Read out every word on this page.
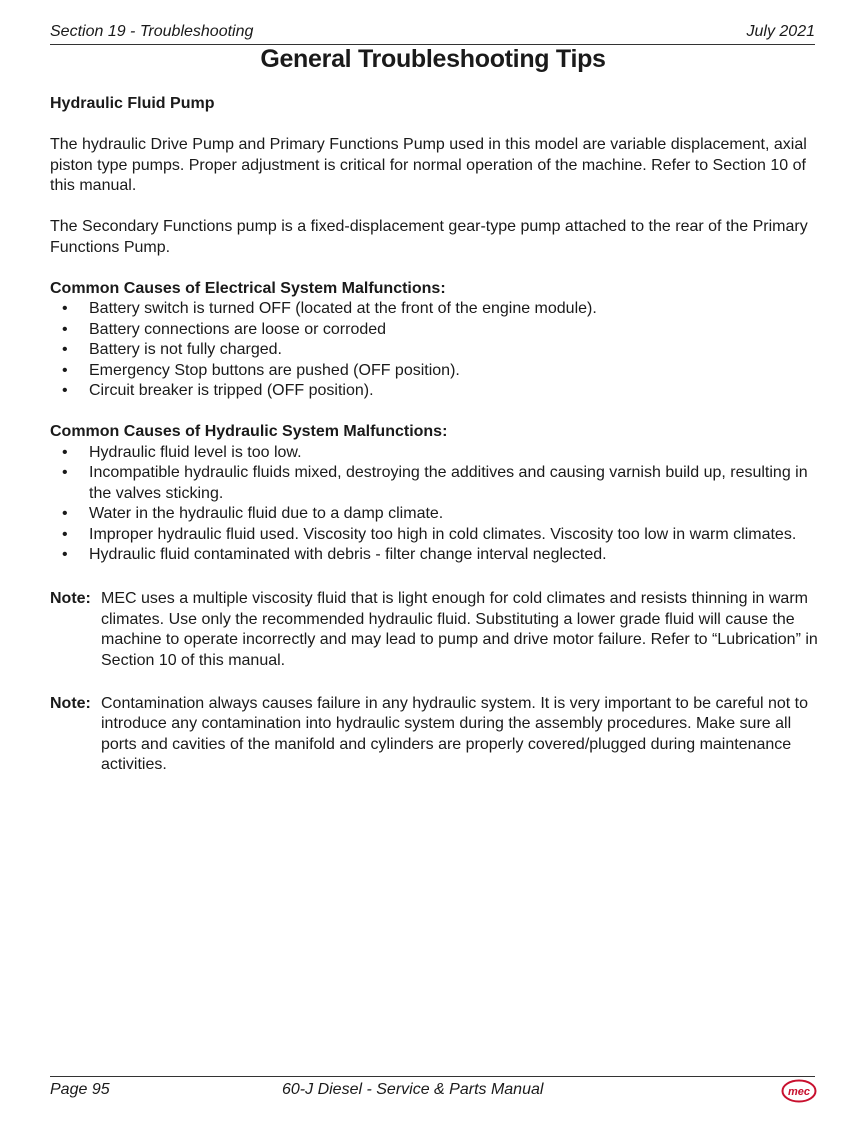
Section 19 - Troubleshooting	July 2021
General Troubleshooting Tips

Hydraulic Fluid Pump

The hydraulic Drive Pump and Primary Functions Pump used in this model are variable displacement, axial piston type pumps. Proper adjustment is critical for normal operation of the machine. Refer to Section 10 of this manual.

The Secondary Functions pump is a fixed-displacement gear-type pump attached to the rear of the Primary Functions Pump.

Common Causes of Electrical System Malfunctions:

• Battery switch is turned OFF (located at the front of the engine module).
• Battery connections are loose or corroded
• Battery is not fully charged.
• Emergency Stop buttons are pushed (OFF position).
• Circuit breaker is tripped (OFF position).

Common Causes of Hydraulic System Malfunctions:

• Hydraulic fluid level is too low.
• Incompatible hydraulic fluids mixed, destroying the additives and causing varnish build up, resulting in the valves sticking.
• Water in the hydraulic fluid due to a damp climate.
• Improper hydraulic fluid used. Viscosity too high in cold climates. Viscosity too low in warm climates.
• Hydraulic fluid contaminated with debris - filter change interval neglected.
Note: MEC uses a multiple viscosity fluid that is light enough for cold climates and resists thinning in warm climates. Use only the recommended hydraulic fluid. Substituting a lower grade fluid will cause the machine to operate incorrectly and may lead to pump and drive motor failure. Refer to “Lubrication” in Section 10 of this manual.
Note: Contamination always causes failure in any hydraulic system. It is very important to be careful not to introduce any contamination into hydraulic system during the assembly procedures. Make sure all ports and cavities of the manifold and cylinders are properly covered/plugged during maintenance activities.
Page 95	60-J Diesel - Service & Parts Manual	mec
